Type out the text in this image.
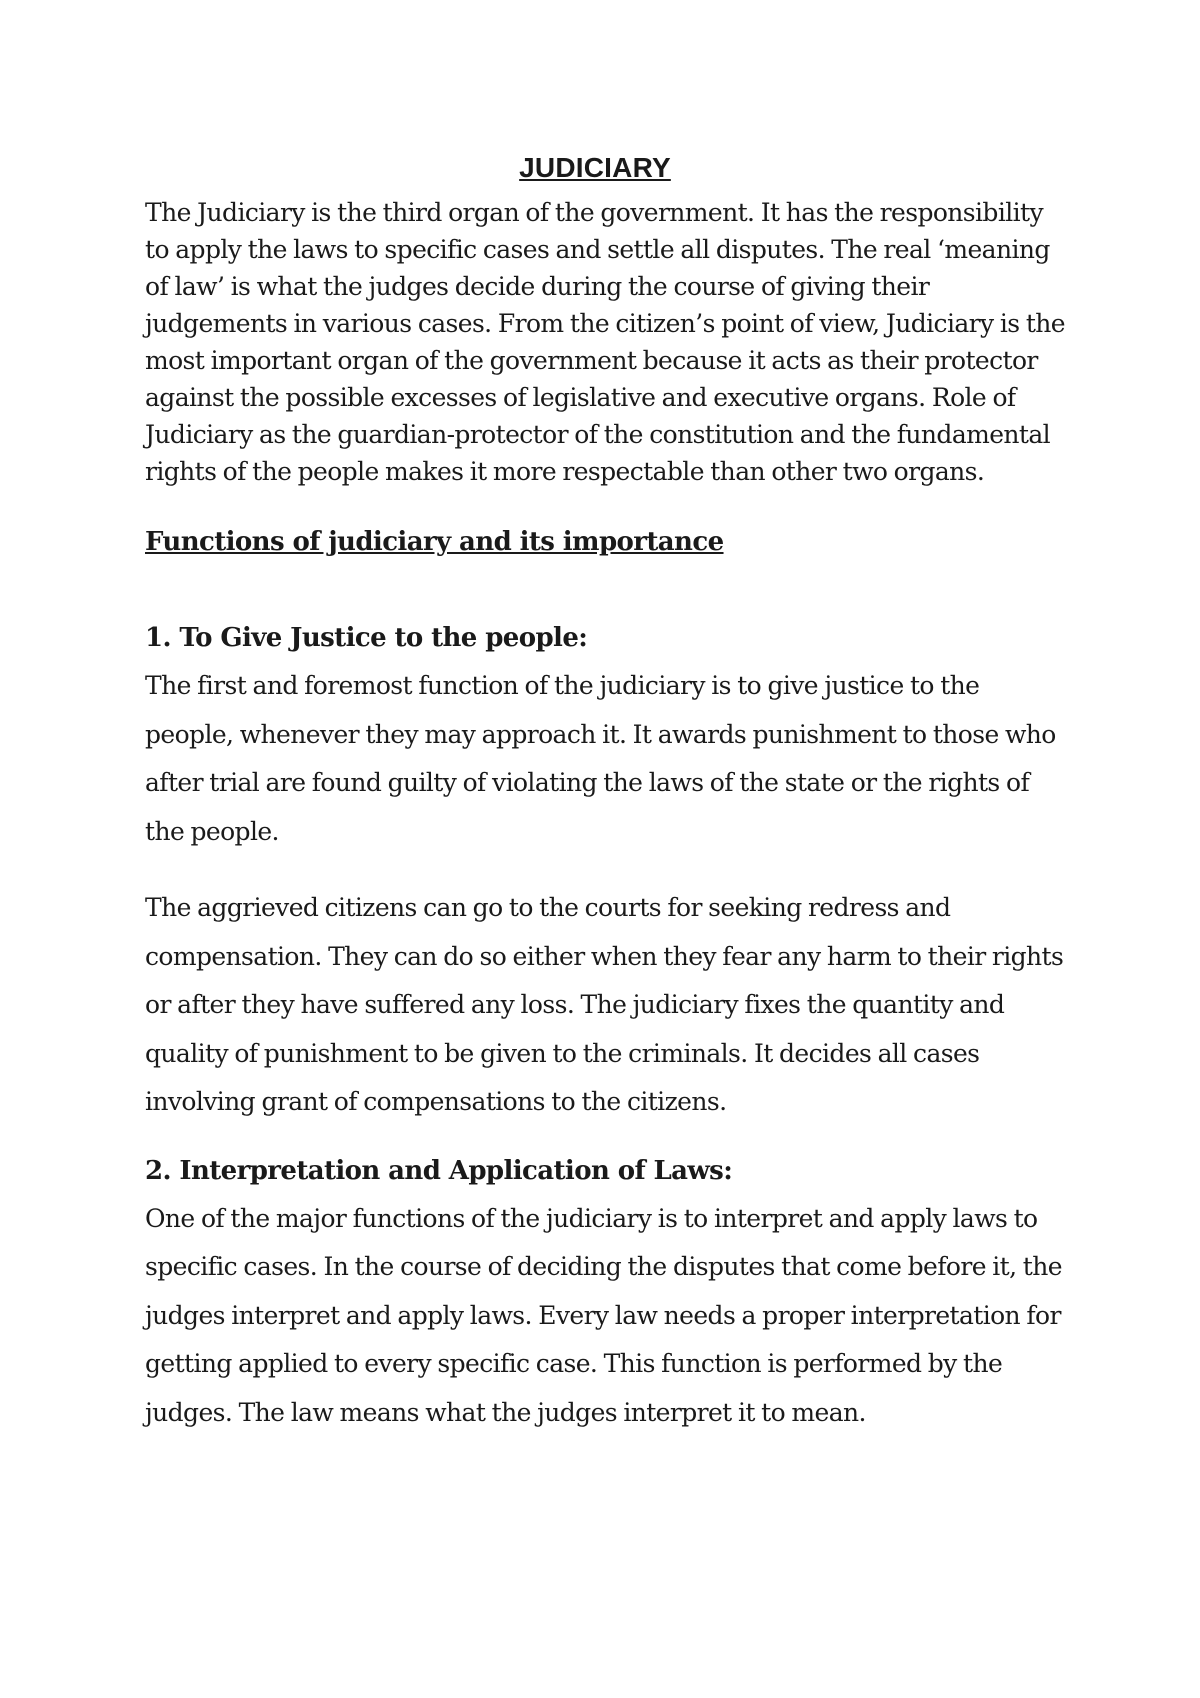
JUDICIARY

The Judiciary is the third organ of the government. It has the responsibility to apply the laws to specific cases and settle all disputes. The real ‘meaning of law’ is what the judges decide during the course of giving their judgements in various cases. From the citizen’s point of view, Judiciary is the most important organ of the government because it acts as their protector against the possible excesses of legislative and executive organs. Role of Judiciary as the guardian-protector of the constitution and the fundamental rights of the people makes it more respectable than other two organs.

Functions of judiciary and its importance
1. To Give Justice to the people:

The first and foremost function of the judiciary is to give justice to the people, whenever they may approach it. It awards punishment to those who after trial are found guilty of violating the laws of the state or the rights of the people.

The aggrieved citizens can go to the courts for seeking redress and compensation. They can do so either when they fear any harm to their rights or after they have suffered any loss. The judiciary fixes the quantity and quality of punishment to be given to the criminals. It decides all cases involving grant of compensations to the citizens.

2. Interpretation and Application of Laws:

One of the major functions of the judiciary is to interpret and apply laws to specific cases. In the course of deciding the disputes that come before it, the judges interpret and apply laws. Every law needs a proper interpretation for getting applied to every specific case. This function is performed by the judges. The law means what the judges interpret it to mean.
